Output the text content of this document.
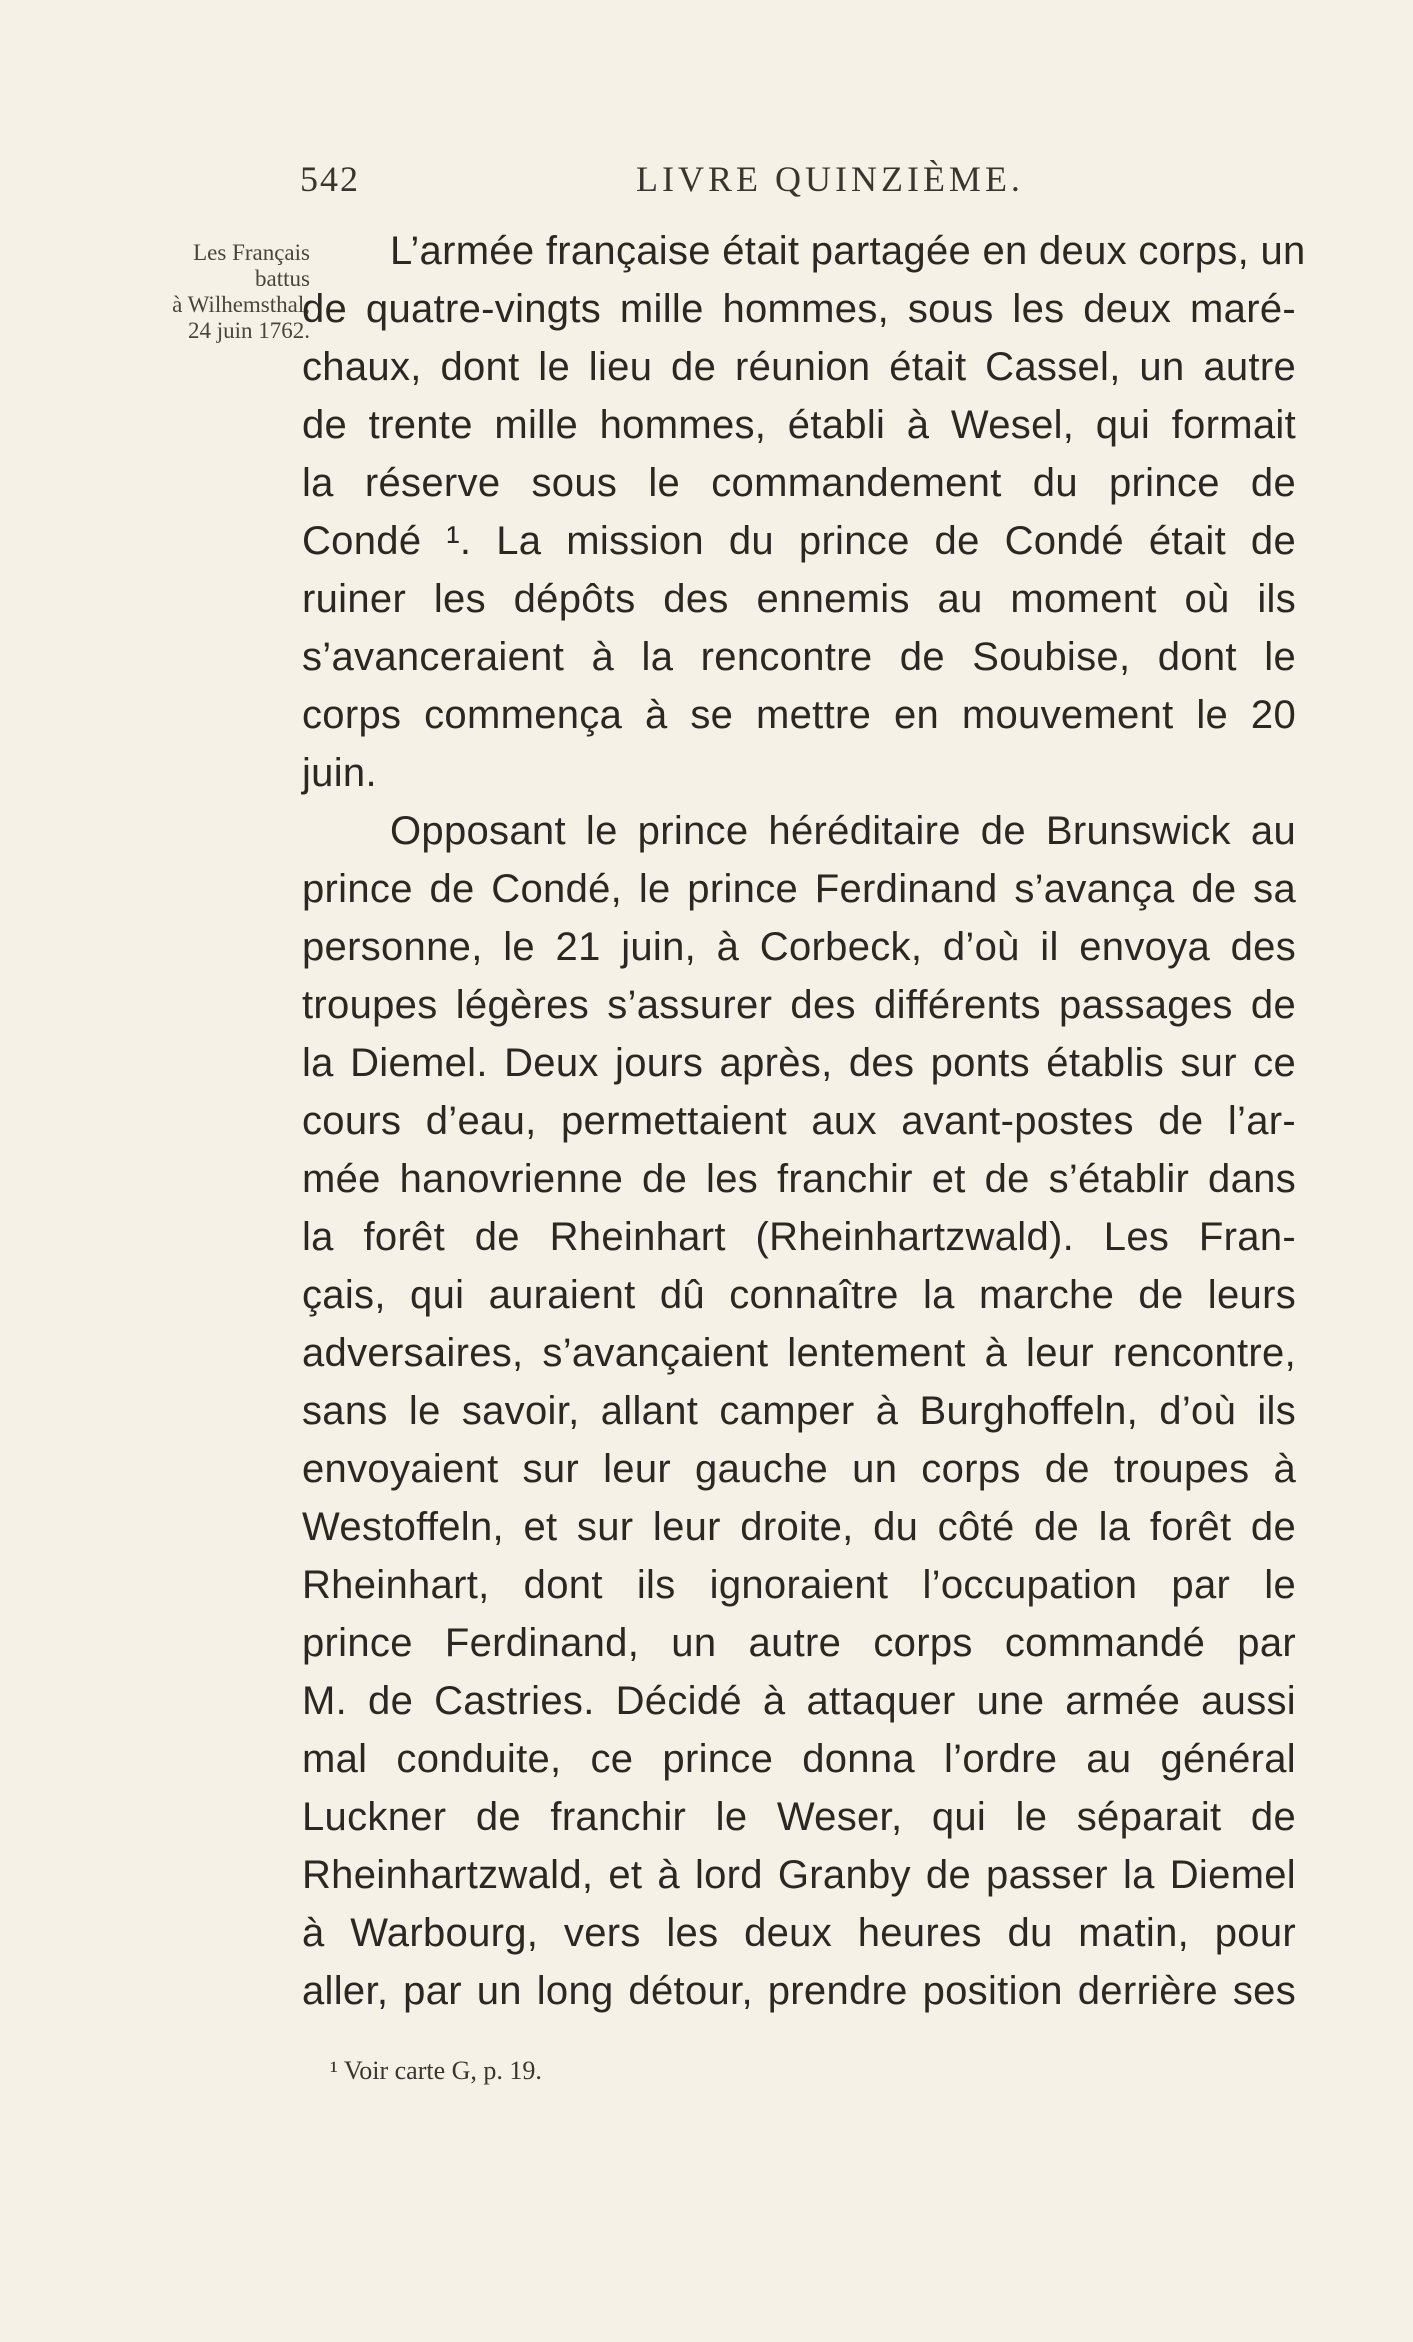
542	LIVRE QUINZIÈME.
Les Français
battus
à Wilhemsthal,
24 juin 1762.
L’armée française était partagée en deux corps, un
de quatre-vingts mille hommes, sous les deux maré-
chaux, dont le lieu de réunion était Cassel, un autre
de trente mille hommes, établi à Wesel, qui formait
la réserve sous le commandement du prince de
Condé ¹. La mission du prince de Condé était de
ruiner les dépôts des ennemis au moment où ils
s’avanceraient à la rencontre de Soubise, dont le
corps commença à se mettre en mouvement le 20
juin.
Opposant le prince héréditaire de Brunswick au
prince de Condé, le prince Ferdinand s’avança de sa
personne, le 21 juin, à Corbeck, d’où il envoya des
troupes légères s’assurer des différents passages de
la Diemel. Deux jours après, des ponts établis sur ce
cours d’eau, permettaient aux avant-postes de l’ar-
mée hanovrienne de les franchir et de s’établir dans
la forêt de Rheinhart (Rheinhartzwald). Les Fran-
çais, qui auraient dû connaître la marche de leurs
adversaires, s’avançaient lentement à leur rencontre,
sans le savoir, allant camper à Burghoffeln, d’où ils
envoyaient sur leur gauche un corps de troupes à
Westoffeln, et sur leur droite, du côté de la forêt de
Rheinhart, dont ils ignoraient l’occupation par le
prince Ferdinand, un autre corps commandé par
M. de Castries. Décidé à attaquer une armée aussi
mal conduite, ce prince donna l’ordre au général
Luckner de franchir le Weser, qui le séparait de
Rheinhartzwald, et à lord Granby de passer la Diemel
à Warbourg, vers les deux heures du matin, pour
aller, par un long détour, prendre position derrière ses
¹ Voir carte G, p. 19.
